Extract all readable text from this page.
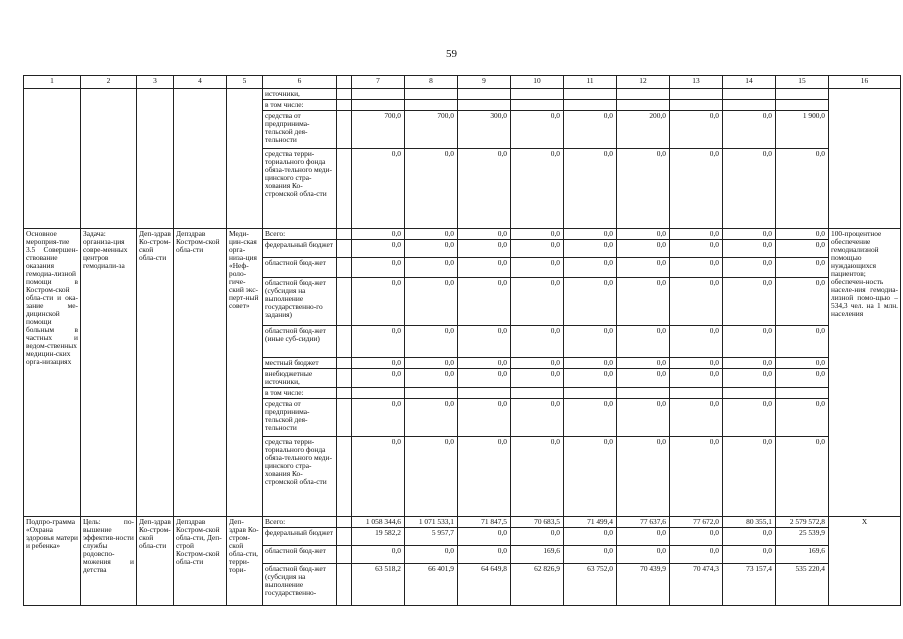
59
1	2	3	4	5	6		7	8	9	10	11	12	13	14	15	16
					источники,											
					в том числе:											
					средства от предпринима-тельской дея-тельности		700,0	700,0	300,0	0,0	0,0	200,0	0,0	0,0	1 900,0	
					средства терри-ториального фонда обяза-тельного меди-цинского стра-хования Ко-стромской обла-сти		0,0	0,0	0,0	0,0	0,0	0,0	0,0	0,0	0,0	
Основное мероприя-тие 3.5 Совершен-ствование оказания гемодиа-лизной помощи в Костром-ской обла-сти и ока-зание ме-дицинской помощи больным в частных и ведом-ственных медицин-ских орга-низациях	Задача: организа-ция совре-менных центров гемодиали-за	Деп-здрав Ко-стром-ской обла-сти	Депздрав Костром-ской обла-сти	Меди-цин-ская орга-низа-ция «Неф-роло-гиче-ский экс-перт-ный совет»	Всего:		0,0	0,0	0,0	0,0	0,0	0,0	0,0	0,0	0,0	100-процентное обеспечение гемодиализной помощью нуждающихся пациентов; обеспечен-ность населе-ния гемодиа-лизной помо-щью – 534,3 чел. на 1 млн. населения
					федеральный бюджет		0,0	0,0	0,0	0,0	0,0	0,0	0,0	0,0	0,0	
					областной бюд-жет		0,0	0,0	0,0	0,0	0,0	0,0	0,0	0,0	0,0	
					областной бюд-жет (субсидия на выполнение государственно-го задания)		0,0	0,0	0,0	0,0	0,0	0,0	0,0	0,0	0,0	
					областной бюд-жет (иные суб-сидии)		0,0	0,0	0,0	0,0	0,0	0,0	0,0	0,0	0,0	
					местный бюджет		0,0	0,0	0,0	0,0	0,0	0,0	0,0	0,0	0,0	
					внебюджетные источники,		0,0	0,0	0,0	0,0	0,0	0,0	0,0	0,0	0,0	
					в том числе:											
					средства от предпринима-тельской дея-тельности		0,0	0,0	0,0	0,0	0,0	0,0	0,0	0,0	0,0	
					средства терри-ториального фонда обяза-тельного меди-цинского стра-хования Ко-стромской обла-сти		0,0	0,0	0,0	0,0	0,0	0,0	0,0	0,0	0,0	
Подпро-грамма «Охрана здоровья матери и ребенка»	Цель: по-вышение эффектив-ности службы родовспо-можения и детства	Деп-здрав Ко-стром-ской обла-сти	Депздрав Костром-ской обла-сти, Деп-строй Костром-ской обла-сти	Деп-здрав Ко-стром-ской обла-сти, терри-тори-	Всего:		1 058 344,6	1 071 533,1	71 847,5	70 683,5	71 499,4	77 637,6	77 672,0	80 355,1	2 579 572,8	Х
					федеральный бюджет		19 582,2	5 957,7	0,0	0,0	0,0	0,0	0,0	0,0	25 539,9	
					областной бюд-жет		0,0	0,0	0,0	169,6	0,0	0,0	0,0	0,0	169,6	
					областной бюд-жет (субсидия на выполнение государственно-		63 518,2	66 401,9	64 649,8	62 826,9	63 752,0	70 439,9	70 474,3	73 157,4	535 220,4	
